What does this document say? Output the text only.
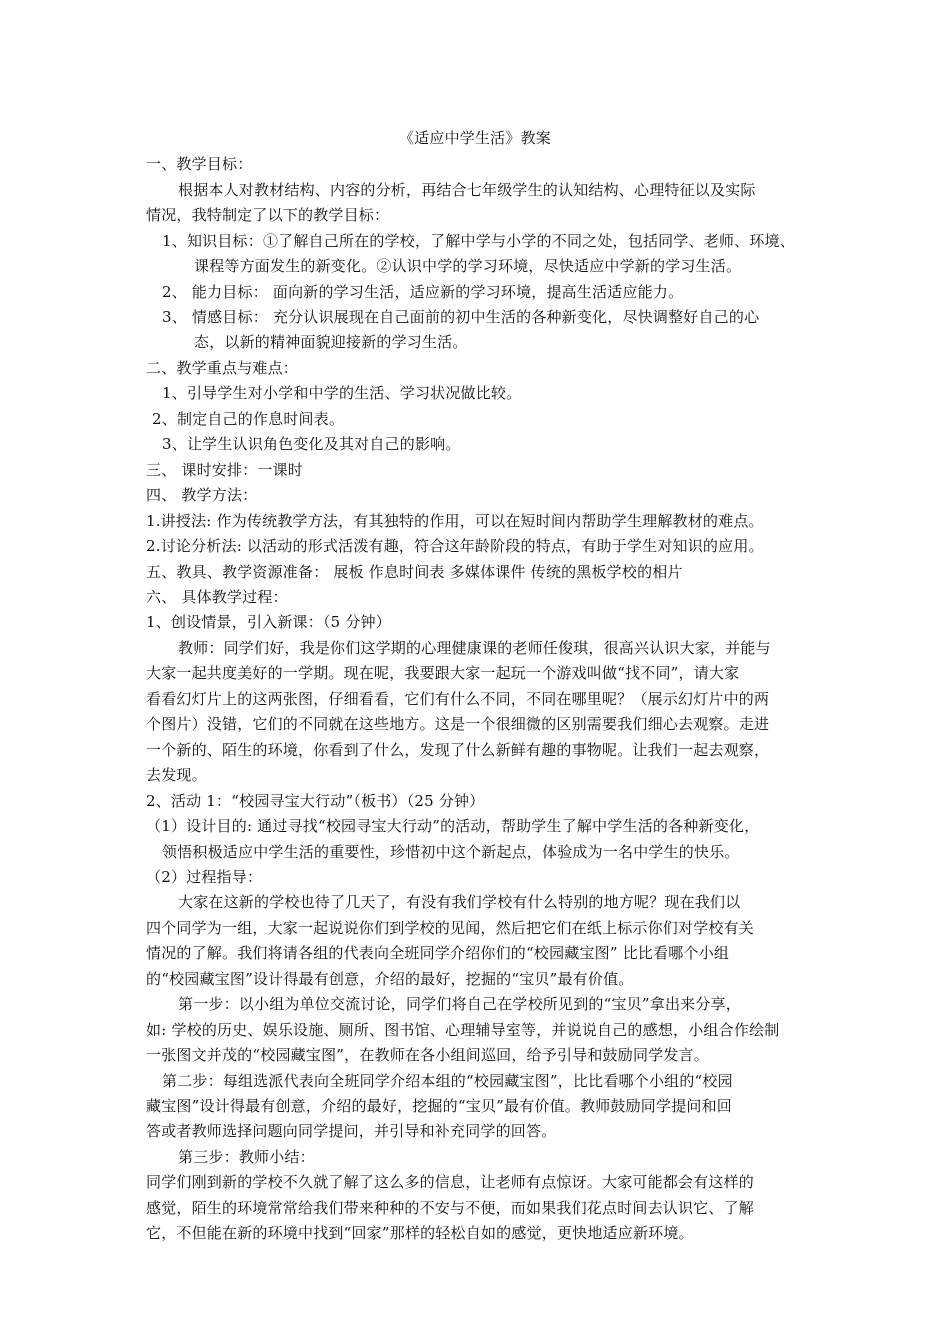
《适应中学生活》教案
一、教学目标：
根据本人对教材结构、内容的分析，再结合七年级学生的认知结构、心理特征以及实际
情况，我特制定了以下的教学目标：
1、知识目标：①了解自己所在的学校，了解中学与小学的不同之处，包括同学、老师、环境、
课程等方面发生的新变化。②认识中学的学习环境，尽快适应中学新的学习生活。
2、 能力目标： 面向新的学习生活，适应新的学习环境，提高生活适应能力。
3、 情感目标： 充分认识展现在自己面前的初中生活的各种新变化，尽快调整好自己的心
态，以新的精神面貌迎接新的学习生活。
二、教学重点与难点：
1、引导学生对小学和中学的生活、学习状况做比较。
2、制定自己的作息时间表。
3、让学生认识角色变化及其对自己的影响。
三、 课时安排：一课时
四、 教学方法：
1.讲授法: 作为传统教学方法，有其独特的作用，可以在短时间内帮助学生理解教材的难点。
2.讨论分析法: 以活动的形式活泼有趣，符合这年龄阶段的特点，有助于学生对知识的应用。
五、教具、教学资源准备： 展板 作息时间表 多媒体课件 传统的黑板学校的相片
六、 具体教学过程：
1、创设情景，引入新课：（5 分钟）
教师：同学们好，我是你们这学期的心理健康课的老师任俊琪，很高兴认识大家，并能与
大家一起共度美好的一学期。现在呢，我要跟大家一起玩一个游戏叫做“找不同”，请大家
看看幻灯片上的这两张图，仔细看看，它们有什么不同，不同在哪里呢？（展示幻灯片中的两
个图片）没错，它们的不同就在这些地方。这是一个很细微的区别需要我们细心去观察。走进
一个新的、陌生的环境，你看到了什么，发现了什么新鲜有趣的事物呢。让我们一起去观察，
去发现。
2、活动 1：“校园寻宝大行动”（板书）（25 分钟）
（1）设计目的: 通过寻找“校园寻宝大行动”的活动，帮助学生了解中学生活的各种新变化，
领悟积极适应中学生活的重要性，珍惜初中这个新起点，体验成为一名中学生的快乐。
（2）过程指导：
大家在这新的学校也待了几天了，有没有我们学校有什么特别的地方呢？现在我们以
四个同学为一组，大家一起说说你们到学校的见闻，然后把它们在纸上标示你们对学校有关
情况的了解。我们将请各组的代表向全班同学介绍你们的“校园藏宝图” 比比看哪个小组
的“校园藏宝图”设计得最有创意，介绍的最好，挖掘的“宝贝”最有价值。
第一步：以小组为单位交流讨论，同学们将自己在学校所见到的“宝贝”拿出来分享，
如: 学校的历史、娱乐设施、厕所、图书馆、心理辅导室等，并说说自己的感想，小组合作绘制
一张图文并茂的“校园藏宝图”，在教师在各小组间巡回，给予引导和鼓励同学发言。
第二步：每组选派代表向全班同学介绍本组的“校园藏宝图”，比比看哪个小组的“校园
藏宝图”设计得最有创意，介绍的最好，挖掘的“宝贝”最有价值。教师鼓励同学提问和回
答或者教师选择问题向同学提问，并引导和补充同学的回答。
第三步：教师小结：
同学们刚到新的学校不久就了解了这么多的信息，让老师有点惊讶。大家可能都会有这样的
感觉，陌生的环境常常给我们带来种种的不安与不便，而如果我们花点时间去认识它、了解
它，不但能在新的环境中找到“回家”那样的轻松自如的感觉，更快地适应新环境。
